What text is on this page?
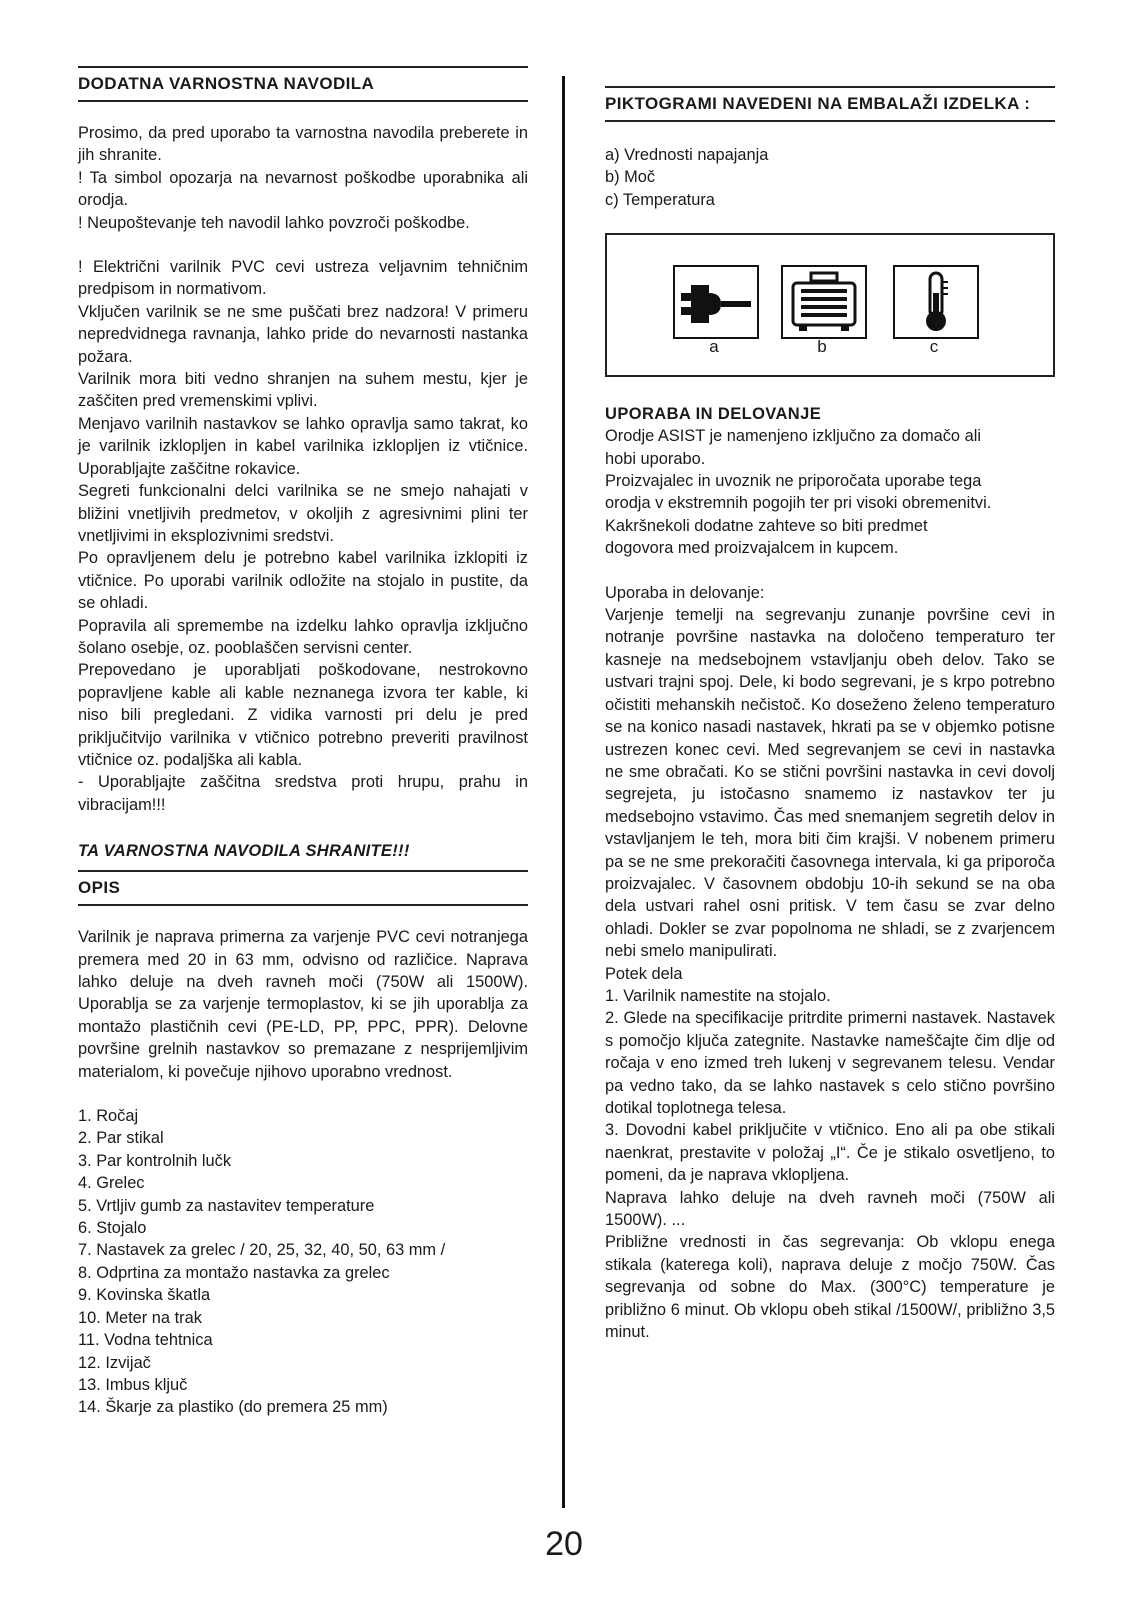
DODATNA VARNOSTNA NAVODILA

Prosimo, da pred uporabo ta varnostna navodila preberete in jih shranite.
! Ta simbol opozarja na nevarnost poškodbe uporabnika ali orodja.
! Neupoštevanje teh navodil lahko povzroči poškodbe.

! Električni varilnik PVC cevi ustreza veljavnim tehničnim predpisom in normativom.
Vključen varilnik se ne sme puščati brez nadzora! V primeru nepredvidnega ravnanja, lahko pride do nevarnosti nastanka požara.
Varilnik mora biti vedno shranjen na suhem mestu, kjer je zaščiten pred vremenskimi vplivi.
Menjavo varilnih nastavkov se lahko opravlja samo takrat, ko je varilnik izklopljen in kabel varilnika izklopljen iz vtičnice. Uporabljajte zaščitne rokavice.
Segreti funkcionalni delci varilnika se ne smejo nahajati v bližini vnetljivih predmetov, v okoljih z agresivnimi plini ter vnetljivimi in eksplozivnimi sredstvi.
Po opravljenem delu je potrebno kabel varilnika izklopiti iz vtičnice. Po uporabi varilnik odložite na stojalo in pustite, da se ohladi.
Popravila ali spremembe na izdelku lahko opravlja izključno šolano osebje, oz. pooblaščen servisni center.
Prepovedano je uporabljati poškodovane, nestrokovno popravljene kable ali kable neznanega izvora ter kable, ki niso bili pregledani. Z vidika varnosti pri delu je pred priključitvijo varilnika v vtičnico potrebno preveriti pravilnost vtičnice oz. podaljška ali kabla.
- Uporabljajte zaščitna sredstva proti hrupu, prahu in vibracijam!!!

TA VARNOSTNA NAVODILA SHRANITE!!!

OPIS

Varilnik je naprava primerna za varjenje PVC cevi notranjega premera med 20 in 63 mm, odvisno od različice. Naprava lahko deluje na dveh ravneh moči (750W ali 1500W). Uporablja se za varjenje termoplastov, ki se jih uporablja za montažo plastičnih cevi (PE-LD, PP, PPC, PPR). Delovne površine grelnih nastavkov so premazane z nesprijemljivim materialom, ki povečuje njihovo uporabno vrednost.

1. Ročaj
2. Par stikal
3. Par kontrolnih lučk
4. Grelec
5. Vrtljiv gumb za nastavitev temperature
6. Stojalo
7. Nastavek za grelec / 20, 25, 32, 40, 50, 63 mm /
8. Odprtina za montažo nastavka za grelec
9. Kovinska škatla
10. Meter na trak
11. Vodna tehtnica
12. Izvijač
13. Imbus ključ
14. Škarje za plastiko (do premera 25 mm)
PIKTOGRAMI NAVEDENI NA EMBALAŽI IZDELKA :

a) Vrednosti napajanja
b) Moč
c) Temperatura

a	b	c

UPORABA IN DELOVANJE

Orodje ASIST je namenjeno izključno za domačo ali
hobi uporabo.
Proizvajalec in uvoznik ne priporočata uporabe tega
orodja v ekstremnih pogojih ter pri visoki obremenitvi.
Kakršnekoli dodatne zahteve so biti predmet
dogovora med proizvajalcem in kupcem.

Uporaba in delovanje:
Varjenje temelji na segrevanju zunanje površine cevi in notranje površine nastavka na določeno temperaturo ter kasneje na medsebojnem vstavljanju obeh delov. Tako se ustvari trajni spoj. Dele, ki bodo segrevani, je s krpo potrebno očistiti mehanskih nečistoč. Ko doseženo želeno temperaturo se na konico nasadi nastavek, hkrati pa se v objemko potisne ustrezen konec cevi. Med segrevanjem se cevi in nastavka ne sme obračati. Ko se stični površini nastavka in cevi dovolj segrejeta, ju istočasno snamemo iz nastavkov ter ju medsebojno vstavimo. Čas med snemanjem segretih delov in vstavljanjem le teh, mora biti čim krajši. V nobenem primeru pa se ne sme prekoračiti časovnega intervala, ki ga priporoča proizvajalec. V časovnem obdobju 10-ih sekund se na oba dela ustvari rahel osni pritisk. V tem času se zvar delno ohladi. Dokler se zvar popolnoma ne shladi, se z zvarjencem nebi smelo manipulirati.
Potek dela
1. Varilnik namestite na stojalo.
2. Glede na specifikacije pritrdite primerni nastavek. Nastavek s pomočjo ključa zategnite. Nastavke nameščajte čim dlje od ročaja v eno izmed treh lukenj v segrevanem telesu. Vendar pa vedno tako, da se lahko nastavek s celo stično površino dotikal toplotnega telesa.
3. Dovodni kabel priključite v vtičnico. Eno ali pa obe stikali naenkrat, prestavite v položaj „I“. Če je stikalo osvetljeno, to pomeni, da je naprava vklopljena.
Naprava lahko deluje na dveh ravneh moči (750W ali 1500W). ...
Približne vrednosti in čas segrevanja: Ob vklopu enega stikala (katerega koli), naprava deluje z močjo 750W. Čas segrevanja od sobne do Max. (300°C) temperature je približno 6 minut. Ob vklopu obeh stikal /1500W/, približno 3,5 minut.

20
